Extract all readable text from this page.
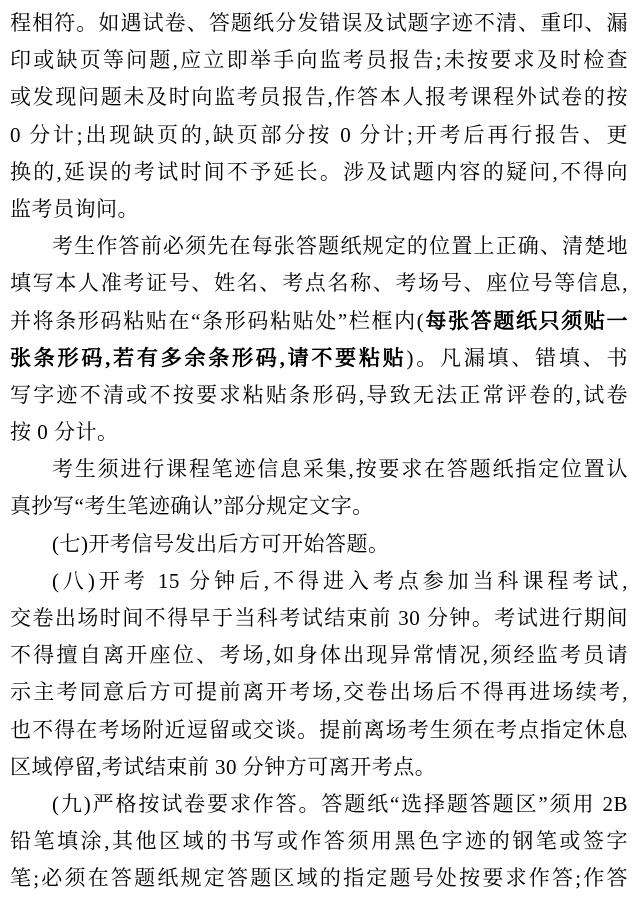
程相符。如遇试卷、答题纸分发错误及试题字迹不清、重印、漏
印或缺页等问题,应立即举手向监考员报告;未按要求及时检查
或发现问题未及时向监考员报告,作答本人报考课程外试卷的按
0 分计;出现缺页的,缺页部分按 0 分计;开考后再行报告、更
换的,延误的考试时间不予延长。涉及试题内容的疑问,不得向
监考员询问。
考生作答前必须先在每张答题纸规定的位置上正确、清楚地
填写本人准考证号、姓名、考点名称、考场号、座位号等信息,
并将条形码粘贴在“条形码粘贴处”栏框内(每张答题纸只须贴一
张条形码,若有多余条形码,请不要粘贴)。凡漏填、错填、书
写字迹不清或不按要求粘贴条形码,导致无法正常评卷的,试卷
按 0 分计。
考生须进行课程笔迹信息采集,按要求在答题纸指定位置认
真抄写“考生笔迹确认”部分规定文字。
(七)开考信号发出后方可开始答题。
(八)开考 15 分钟后,不得进入考点参加当科课程考试,
交卷出场时间不得早于当科考试结束前 30 分钟。考试进行期间
不得擅自离开座位、考场,如身体出现异常情况,须经监考员请
示主考同意后方可提前离开考场,交卷出场后不得再进场续考,
也不得在考场附近逗留或交谈。提前离场考生须在考点指定休息
区域停留,考试结束前 30 分钟方可离开考点。
(九)严格按试卷要求作答。答题纸“选择题答题区”须用 2B
铅笔填涂,其他区域的书写或作答须用黑色字迹的钢笔或签字
笔;必须在答题纸规定答题区域的指定题号处按要求作答;作答
